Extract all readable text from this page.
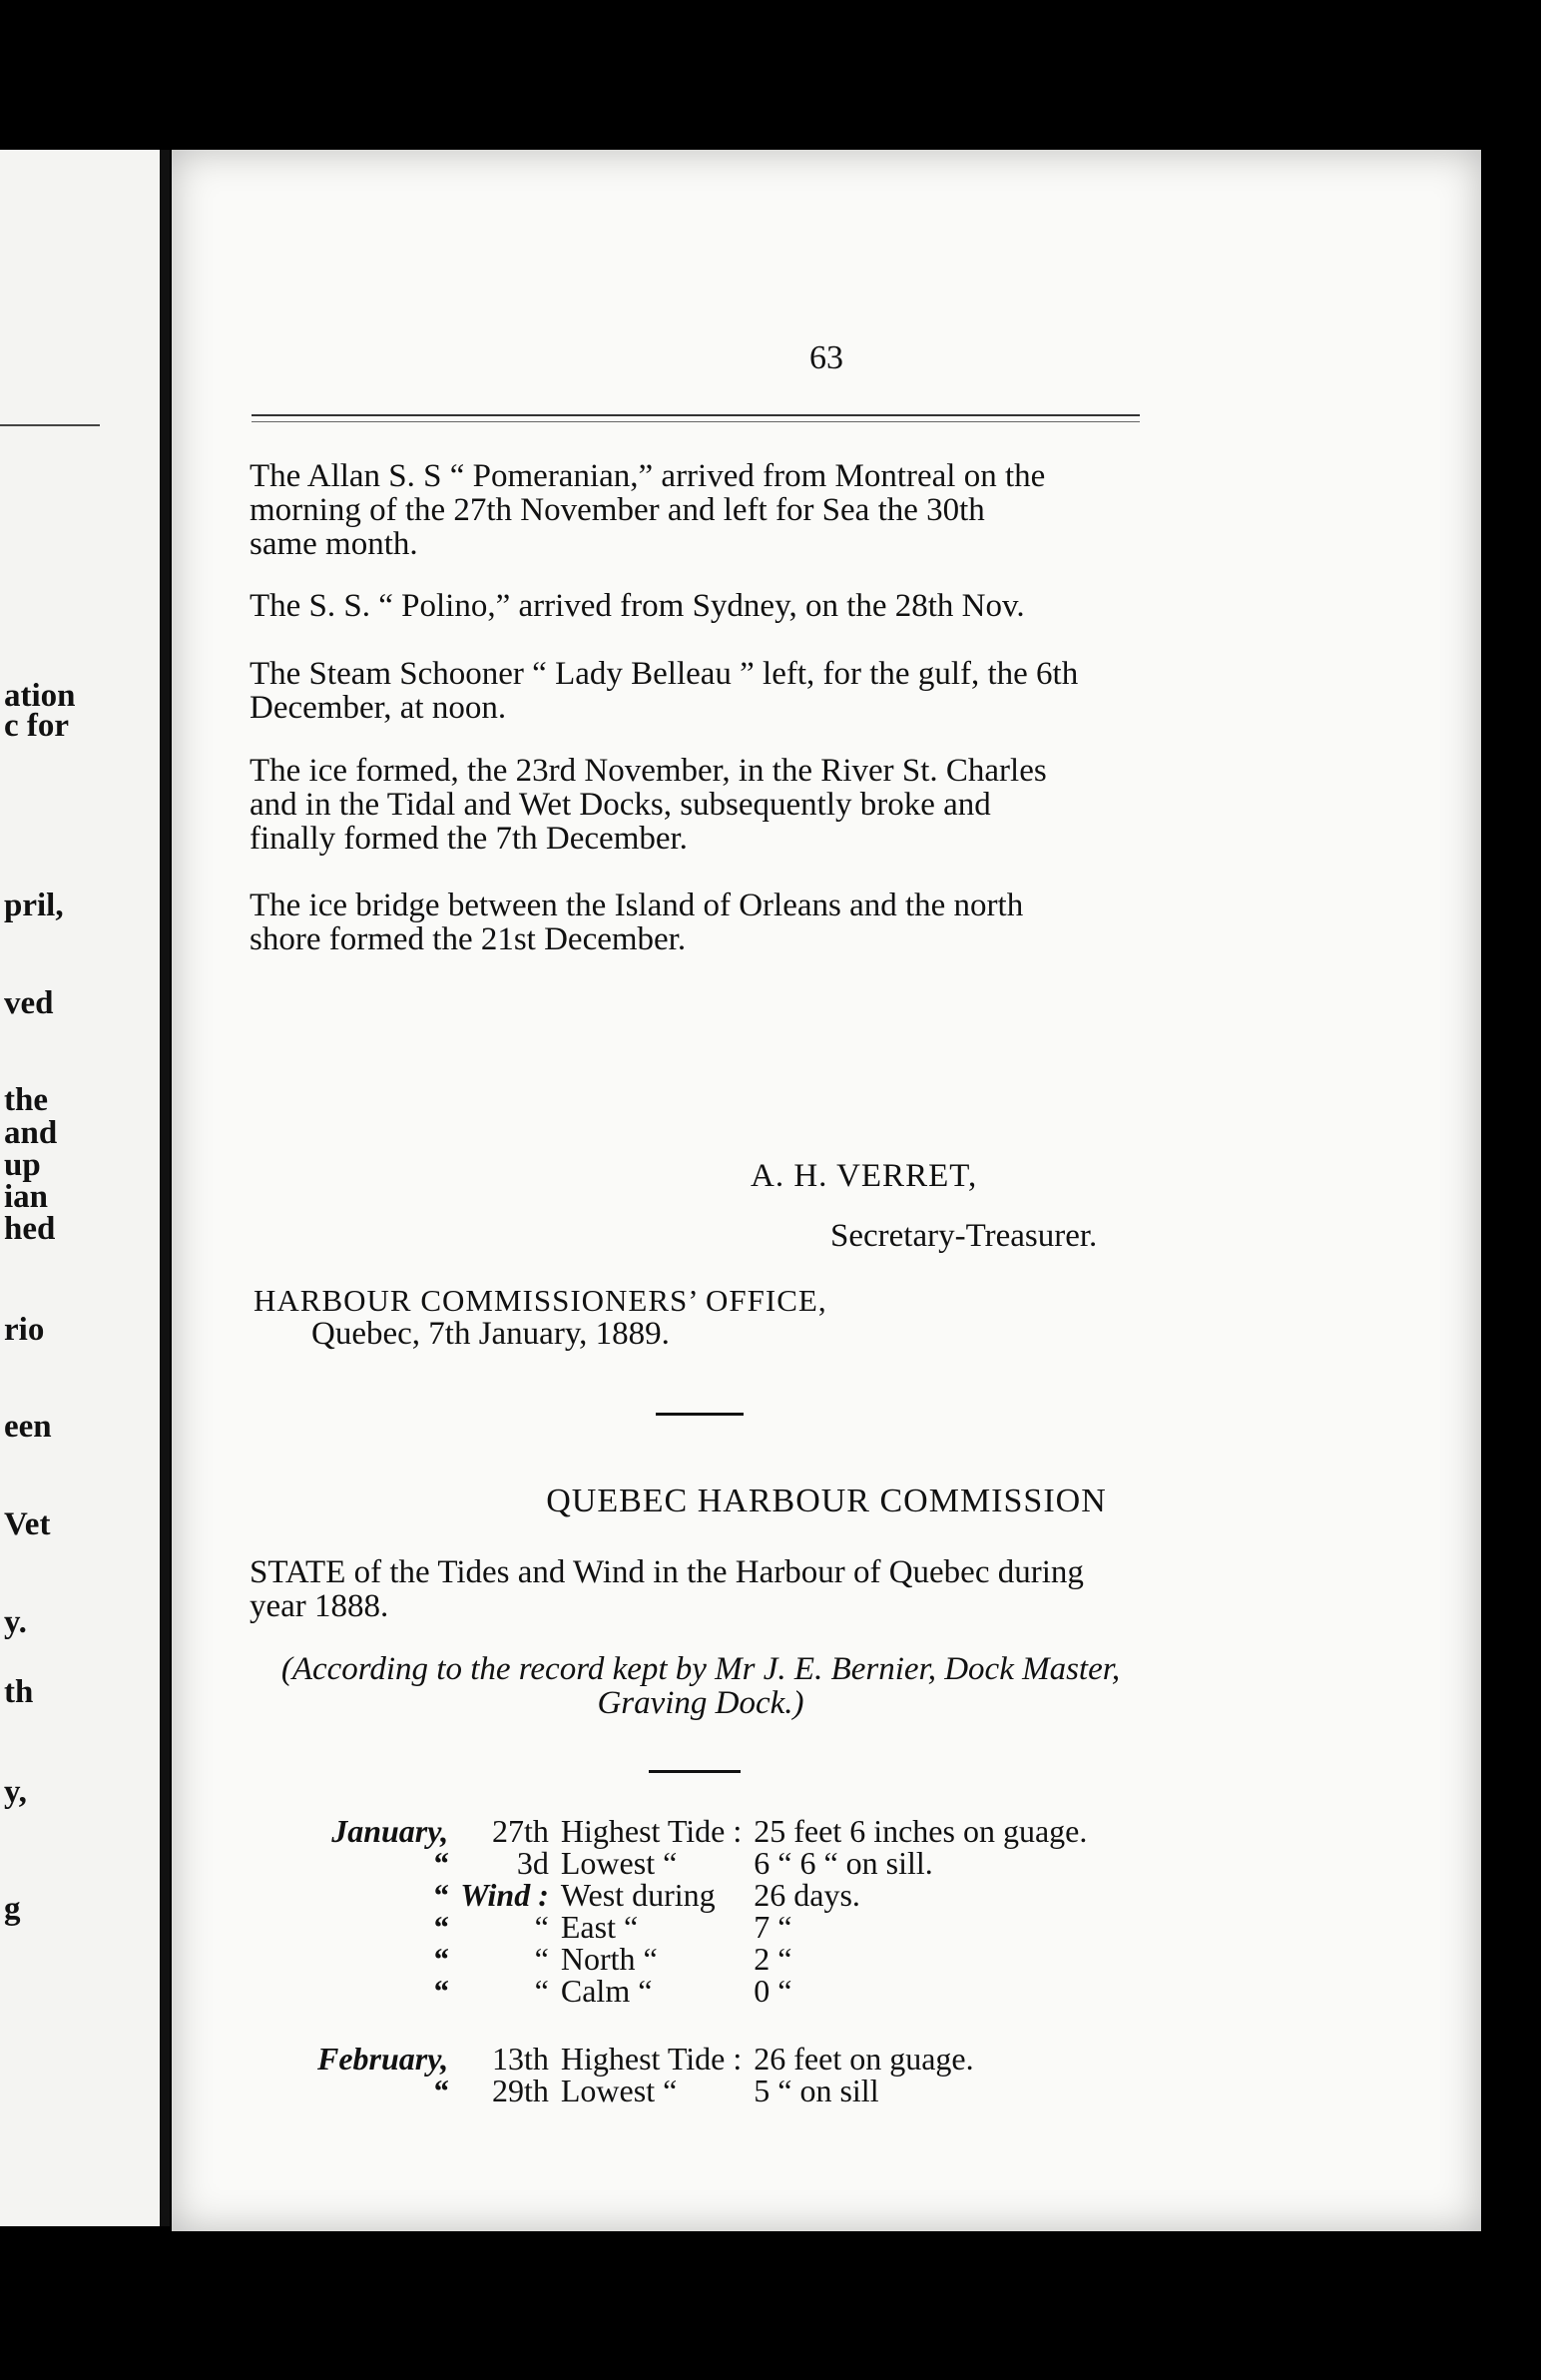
ation
c for
pril,
ved
the
and
up
ian
hed
rio
een
Vet
y.
th
y,
g
63
The Allan S. S “ Pomeranian,” arrived from Montreal on the
morning of the 27th November and left for Sea the 30th
same month.
The S. S. “ Polino,” arrived from Sydney, on the 28th Nov.
The Steam Schooner “ Lady Belleau ” left, for the gulf, the 6th
December, at noon.
The ice formed, the 23rd November, in the River St. Charles
and in the Tidal and Wet Docks, subsequently broke and
finally formed the 7th December.
The ice bridge between the Island of Orleans and the north
shore formed the 21st December.
A. H. VERRET,
Secretary-Treasurer.
HARBOUR COMMISSIONERS’ OFFICE,
Quebec, 7th January, 1889.
QUEBEC HARBOUR COMMISSION
STATE of the Tides and Wind in the Harbour of Quebec during
year 1888.
(According to the record kept by Mr J. E. Bernier, Dock Master,
Graving Dock.)
January,	27th	Highest Tide :	25 feet 6 inches on guage.
“	3d	Lowest “	6 “ 6 “ on sill.
“	Wind :	West during	26 days.
“	“	East “	7 “
“	“	North “	2 “
“	“	Calm “	0 “

February,	13th	Highest Tide :	26 feet on guage.
“	29th	Lowest “	5 “ on sill
